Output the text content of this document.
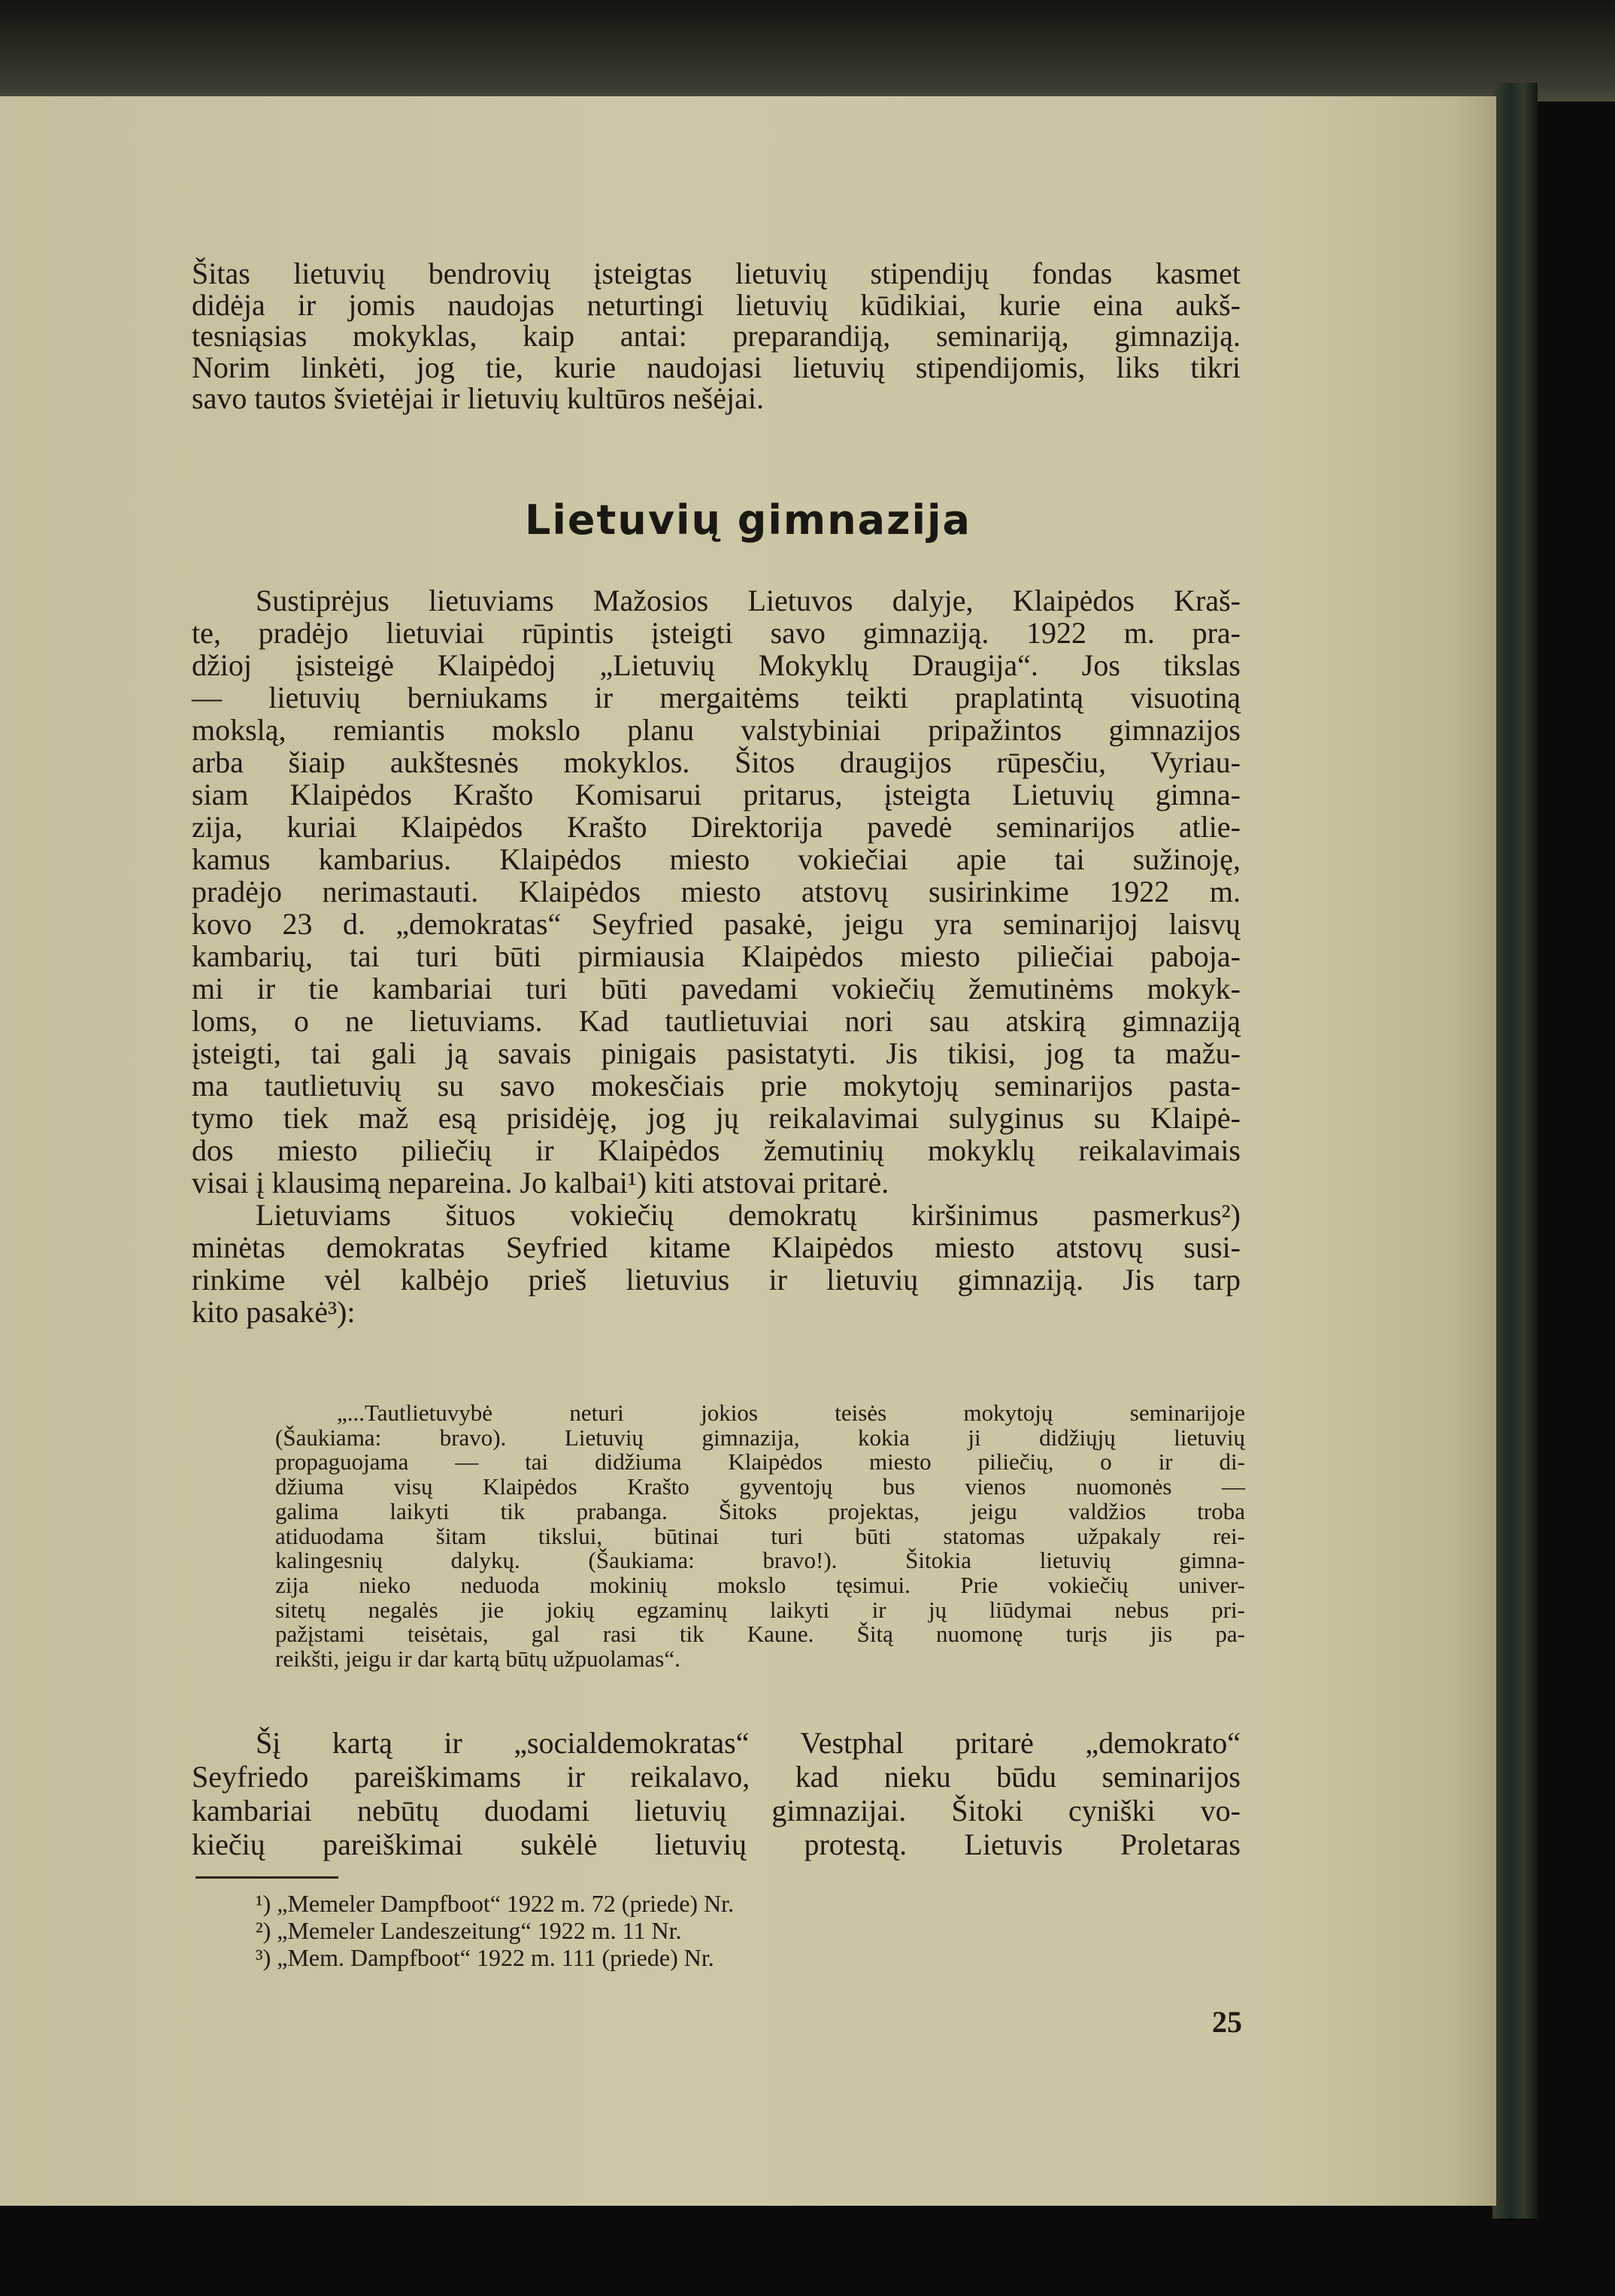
Šitas lietuvių bendrovių įsteigtas lietuvių stipendijų fondas kasmet
didėja ir jomis naudojas neturtingi lietuvių kūdikiai, kurie eina aukš-
tesniąsias mokyklas, kaip antai: preparandiją, seminariją, gimnaziją.
Norim linkėti, jog tie, kurie naudojasi lietuvių stipendijomis, liks tikri
savo tautos švietėjai ir lietuvių kultūros nešėjai.
Lietuvių gimnazija
Sustiprėjus lietuviams Mažosios Lietuvos dalyje, Klaipėdos Kraš-
te, pradėjo lietuviai rūpintis įsteigti savo gimnaziją. 1922 m. pra-
džioj įsisteigė Klaipėdoj „Lietuvių Mokyklų Draugija“. Jos tikslas
— lietuvių berniukams ir mergaitėms teikti praplatintą visuotiną
mokslą, remiantis mokslo planu valstybiniai pripažintos gimnazijos
arba šiaip aukštesnės mokyklos. Šitos draugijos rūpesčiu, Vyriau-
siam Klaipėdos Krašto Komisarui pritarus, įsteigta Lietuvių gimna-
zija, kuriai Klaipėdos Krašto Direktorija pavedė seminarijos atlie-
kamus kambarius. Klaipėdos miesto vokiečiai apie tai sužinoję,
pradėjo nerimastauti. Klaipėdos miesto atstovų susirinkime 1922 m.
kovo 23 d. „demokratas“ Seyfried pasakė, jeigu yra seminarijoj laisvų
kambarių, tai turi būti pirmiausia Klaipėdos miesto piliečiai paboja-
mi ir tie kambariai turi būti pavedami vokiečių žemutinėms mokyk-
loms, o ne lietuviams. Kad tautlietuviai nori sau atskirą gimnaziją
įsteigti, tai gali ją savais pinigais pasistatyti. Jis tikisi, jog ta mažu-
ma tautlietuvių su savo mokesčiais prie mokytojų seminarijos pasta-
tymo tiek maž esą prisidėję, jog jų reikalavimai sulyginus su Klaipė-
dos miesto piliečių ir Klaipėdos žemutinių mokyklų reikalavimais
visai į klausimą nepareina. Jo kalbai¹) kiti atstovai pritarė.
Lietuviams šituos vokiečių demokratų kiršinimus pasmerkus²)
minėtas demokratas Seyfried kitame Klaipėdos miesto atstovų susi-
rinkime vėl kalbėjo prieš lietuvius ir lietuvių gimnaziją. Jis tarp
kito pasakė³):
„...Tautlietuvybė neturi jokios teisės mokytojų seminarijoje
(Šaukiama: bravo). Lietuvių gimnazija, kokia ji didžiųjų lietuvių
propaguojama — tai didžiuma Klaipėdos miesto piliečių, o ir di-
džiuma visų Klaipėdos Krašto gyventojų bus vienos nuomonės —
galima laikyti tik prabanga. Šitoks projektas, jeigu valdžios troba
atiduodama šitam tikslui, būtinai turi būti statomas užpakaly rei-
kalingesnių dalykų. (Šaukiama: bravo!). Šitokia lietuvių gimna-
zija nieko neduoda mokinių mokslo tęsimui. Prie vokiečių univer-
sitetų negalės jie jokių egzaminų laikyti ir jų liūdymai nebus pri-
pažįstami teisėtais, gal rasi tik Kaune. Šitą nuomonę turįs jis pa-
reikšti, jeigu ir dar kartą būtų užpuolamas“.
Šį kartą ir „socialdemokratas“ Vestphal pritarė „demokrato“
Seyfriedo pareiškimams ir reikalavo, kad nieku būdu seminarijos
kambariai nebūtų duodami lietuvių gimnazijai. Šitoki cyniški vo-
kiečių pareiškimai sukėlė lietuvių protestą. Lietuvis Proletaras
¹) „Memeler Dampfboot“ 1922 m. 72 (priede) Nr.
²) „Memeler Landeszeitung“ 1922 m. 11 Nr.
³) „Mem. Dampfboot“ 1922 m. 111 (priede) Nr.
25
